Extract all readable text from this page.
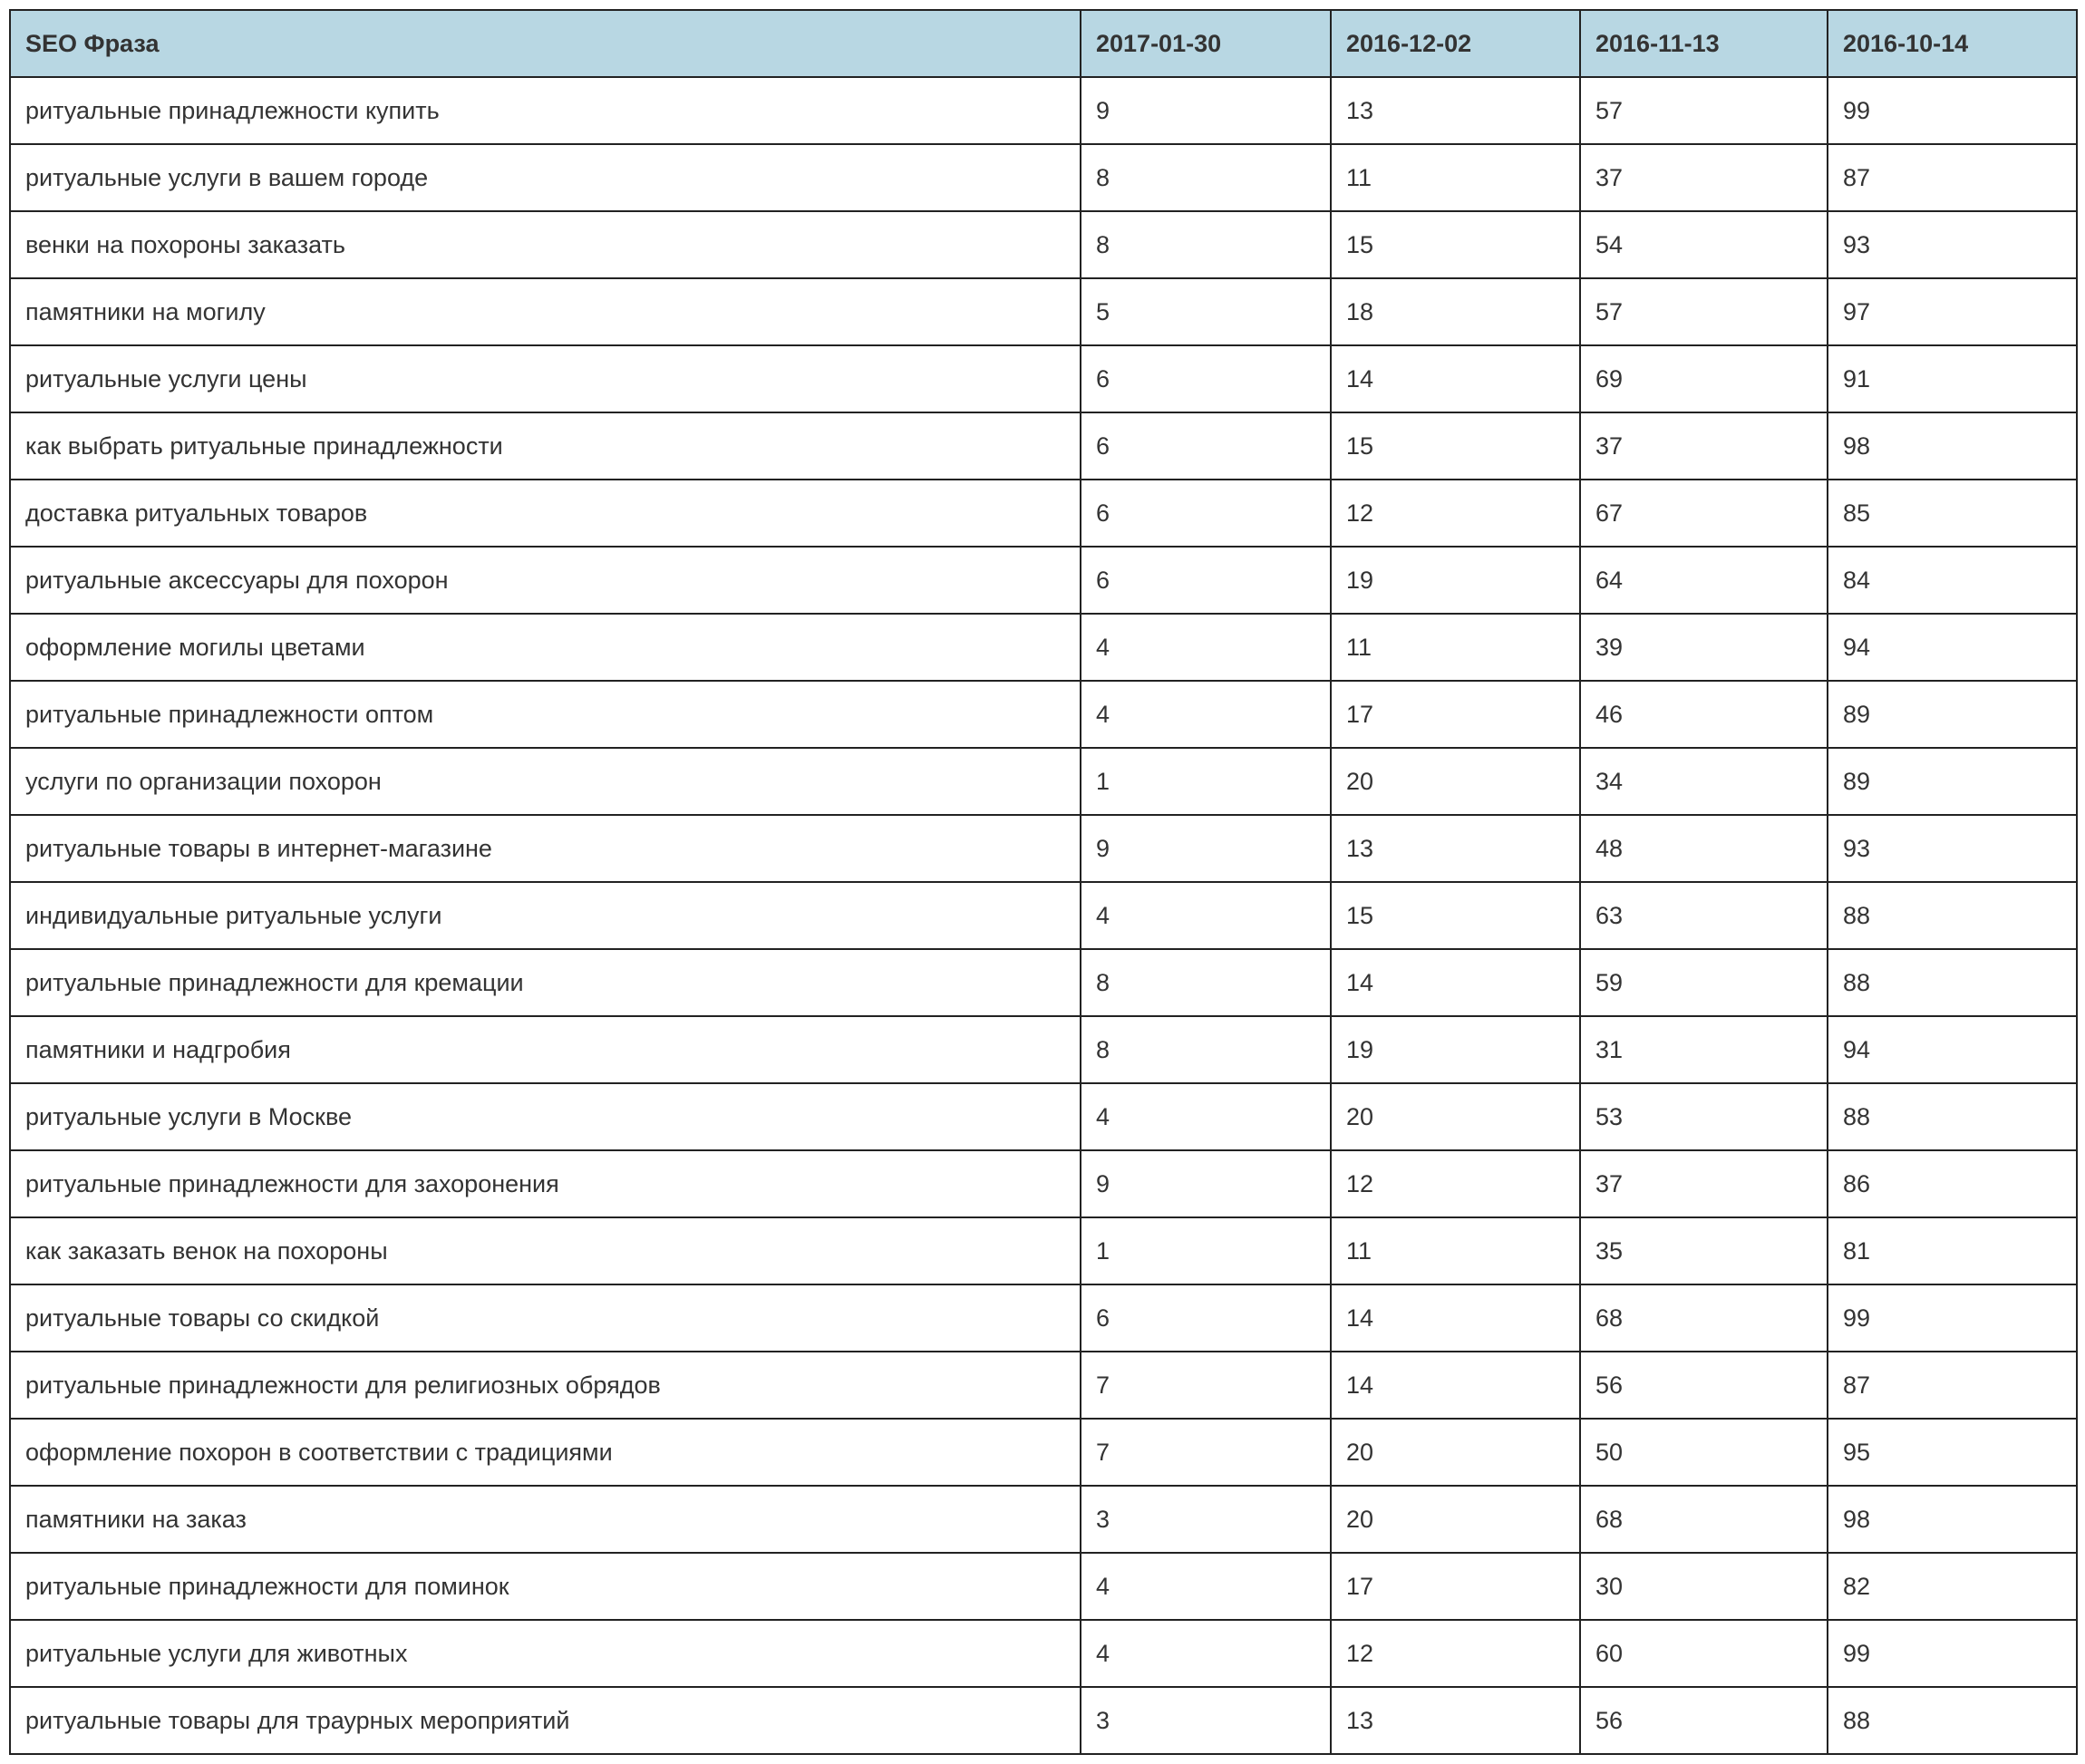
SEO Фраза	2017-01-30	2016-12-02	2016-11-13	2016-10-14
ритуальные принадлежности купить	9	13	57	99
ритуальные услуги в вашем городе	8	11	37	87
венки на похороны заказать	8	15	54	93
памятники на могилу	5	18	57	97
ритуальные услуги цены	6	14	69	91
как выбрать ритуальные принадлежности	6	15	37	98
доставка ритуальных товаров	6	12	67	85
ритуальные аксессуары для похорон	6	19	64	84
оформление могилы цветами	4	11	39	94
ритуальные принадлежности оптом	4	17	46	89
услуги по организации похорон	1	20	34	89
ритуальные товары в интернет-магазине	9	13	48	93
индивидуальные ритуальные услуги	4	15	63	88
ритуальные принадлежности для кремации	8	14	59	88
памятники и надгробия	8	19	31	94
ритуальные услуги в Москве	4	20	53	88
ритуальные принадлежности для захоронения	9	12	37	86
как заказать венок на похороны	1	11	35	81
ритуальные товары со скидкой	6	14	68	99
ритуальные принадлежности для религиозных обрядов	7	14	56	87
оформление похорон в соответствии с традициями	7	20	50	95
памятники на заказ	3	20	68	98
ритуальные принадлежности для поминок	4	17	30	82
ритуальные услуги для животных	4	12	60	99
ритуальные товары для траурных мероприятий	3	13	56	88
